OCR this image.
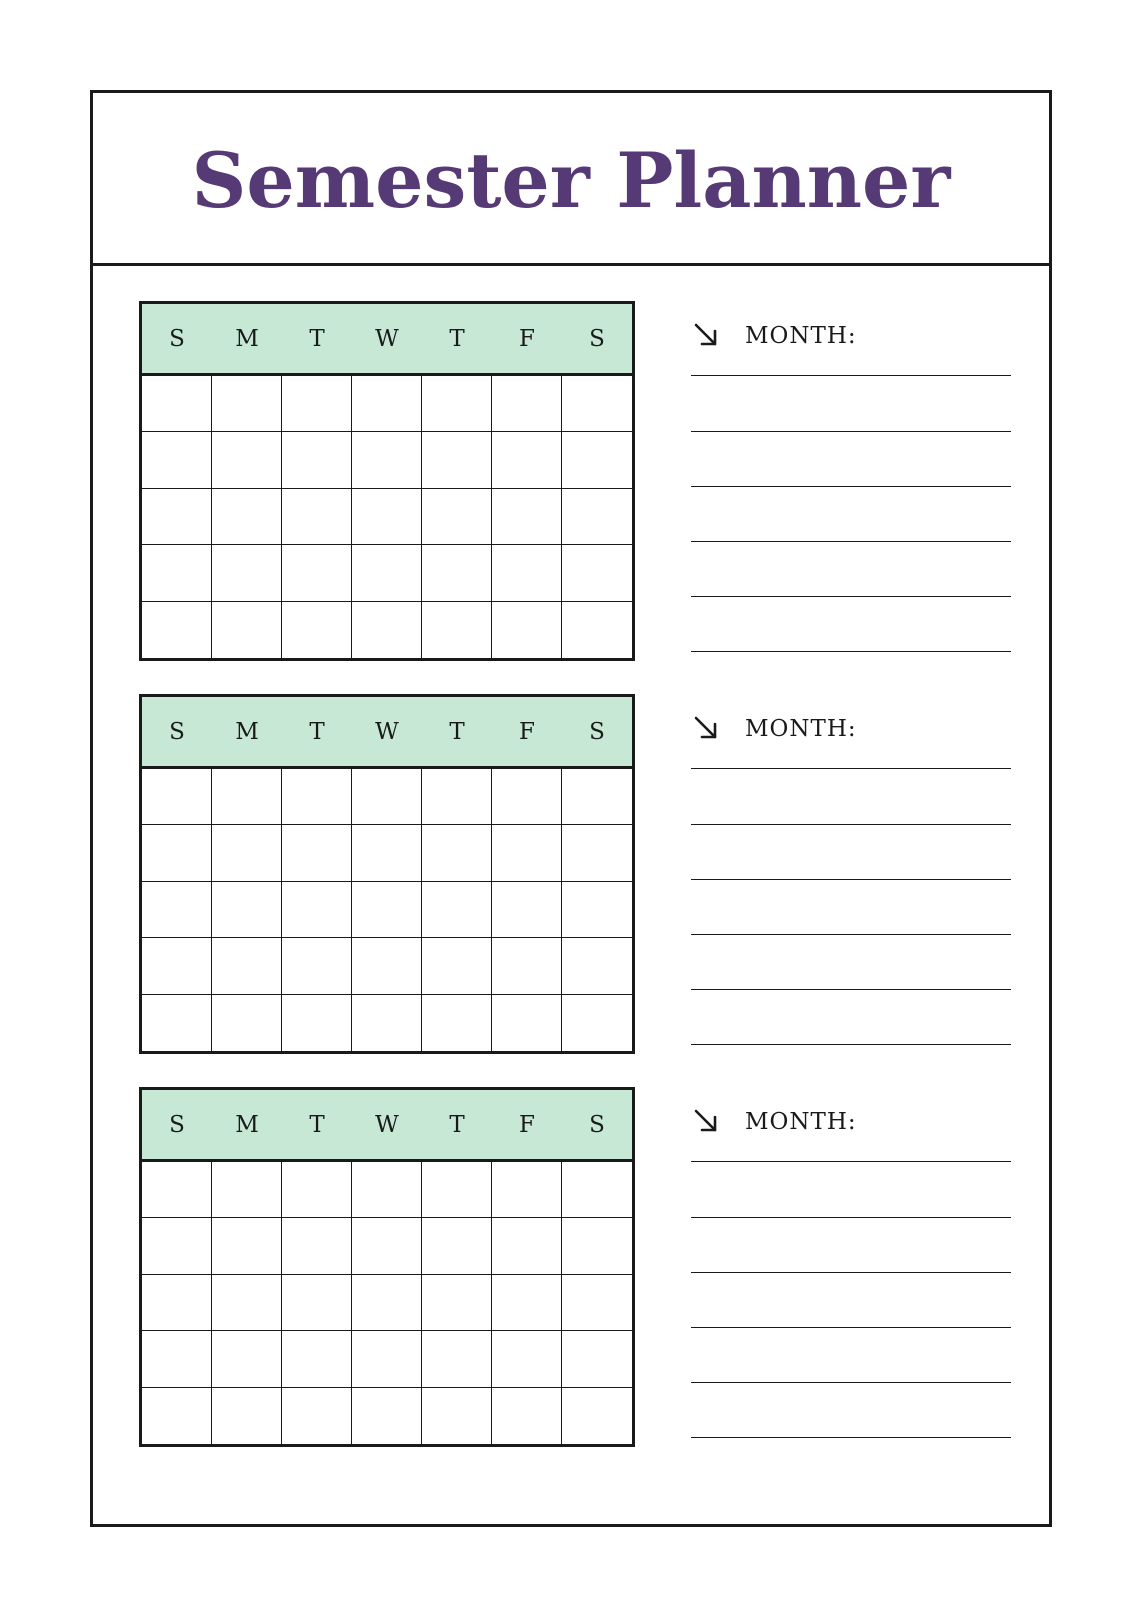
Semester Planner
S	M	T	W	T	F	S	MONTH:
S	M	T	W	T	F	S	MONTH:
S	M	T	W	T	F	S	MONTH:
